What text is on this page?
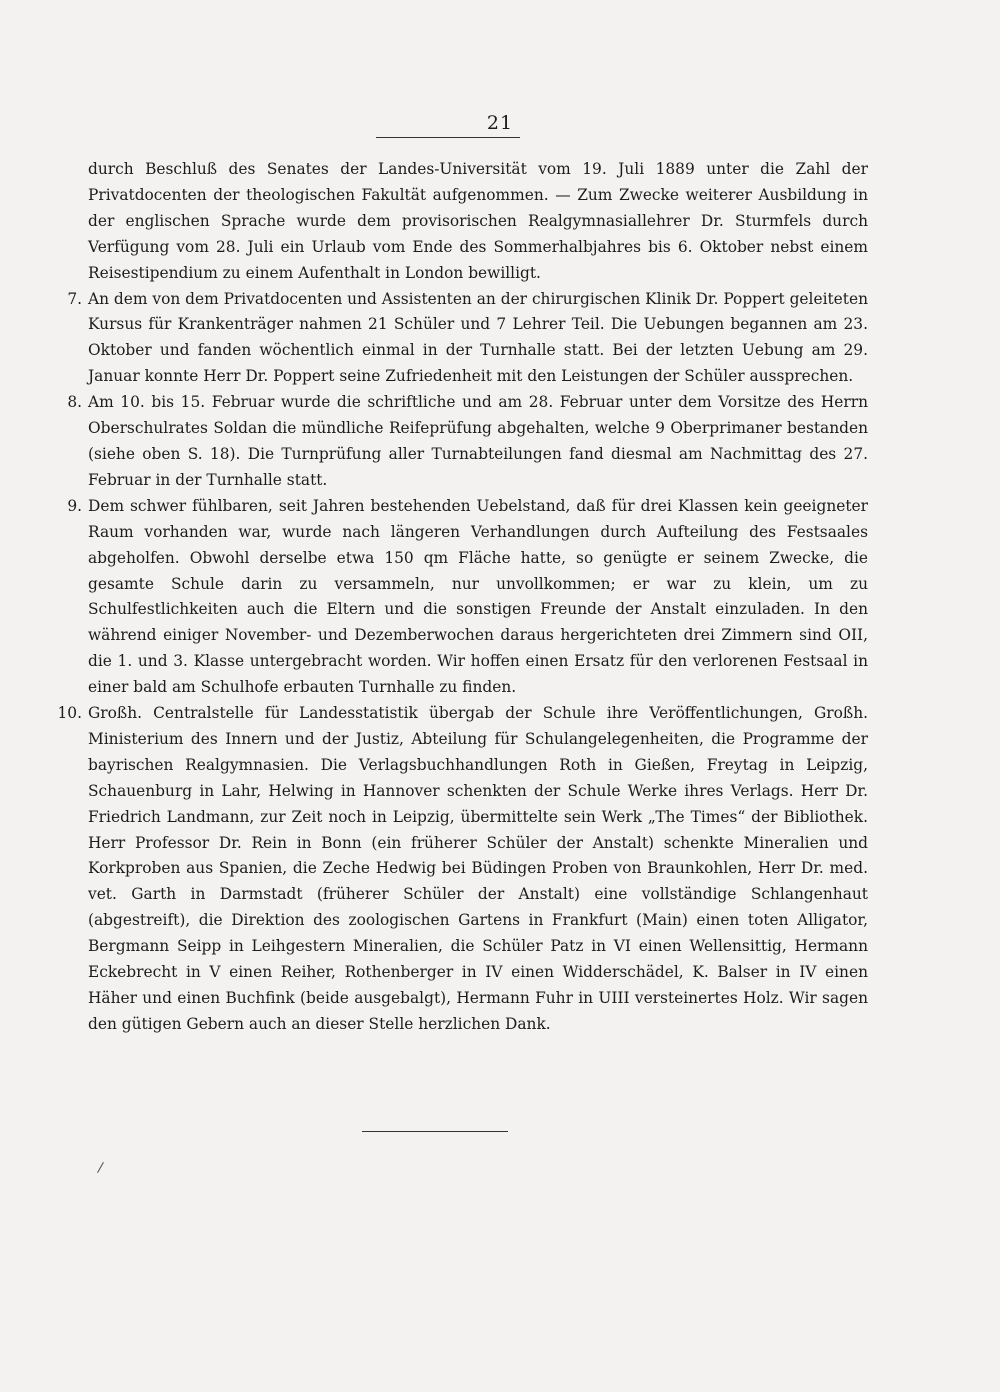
21

durch Beschluß des Senates der Landes-Universität vom 19. Juli 1889 unter die Zahl der Privatdocenten der theologischen Fakultät aufgenommen. — Zum Zwecke weiterer Ausbildung in der englischen Sprache wurde dem provisorischen Realgymnasiallehrer Dr. Sturmfels durch Verfügung vom 28. Juli ein Urlaub vom Ende des Sommerhalbjahres bis 6. Oktober nebst einem Reisestipendium zu einem Aufenthalt in London bewilligt.

7. An dem von dem Privatdocenten und Assistenten an der chirurgischen Klinik Dr. Poppert geleiteten Kursus für Krankenträger nahmen 21 Schüler und 7 Lehrer Teil. Die Uebungen begannen am 23. Oktober und fanden wöchentlich einmal in der Turnhalle statt. Bei der letzten Uebung am 29. Januar konnte Herr Dr. Poppert seine Zufriedenheit mit den Leistungen der Schüler aussprechen.

8. Am 10. bis 15. Februar wurde die schriftliche und am 28. Februar unter dem Vorsitze des Herrn Oberschulrates Soldan die mündliche Reifeprüfung abgehalten, welche 9 Oberprimaner bestanden (siehe oben S. 18). Die Turnprüfung aller Turnabteilungen fand diesmal am Nachmittag des 27. Februar in der Turnhalle statt.

9. Dem schwer fühlbaren, seit Jahren bestehenden Uebelstand, daß für drei Klassen kein geeigneter Raum vorhanden war, wurde nach längeren Verhandlungen durch Aufteilung des Festsaales abgeholfen. Obwohl derselbe etwa 150 qm Fläche hatte, so genügte er seinem Zwecke, die gesamte Schule darin zu versammeln, nur unvollkommen; er war zu klein, um zu Schulfestlichkeiten auch die Eltern und die sonstigen Freunde der Anstalt einzuladen. In den während einiger November- und Dezemberwochen daraus hergerichteten drei Zimmern sind OII, die 1. und 3. Klasse untergebracht worden. Wir hoffen einen Ersatz für den verlorenen Festsaal in einer bald am Schulhofe erbauten Turnhalle zu finden.

10. Großh. Centralstelle für Landesstatistik übergab der Schule ihre Veröffentlichungen, Großh. Ministerium des Innern und der Justiz, Abteilung für Schulangelegenheiten, die Programme der bayrischen Realgymnasien. Die Verlagsbuchhandlungen Roth in Gießen, Freytag in Leipzig, Schauenburg in Lahr, Helwing in Hannover schenkten der Schule Werke ihres Verlags. Herr Dr. Friedrich Landmann, zur Zeit noch in Leipzig, übermittelte sein Werk „The Times“ der Bibliothek. Herr Professor Dr. Rein in Bonn (ein früherer Schüler der Anstalt) schenkte Mineralien und Korkproben aus Spanien, die Zeche Hedwig bei Büdingen Proben von Braunkohlen, Herr Dr. med. vet. Garth in Darmstadt (früherer Schüler der Anstalt) eine vollständige Schlangenhaut (abgestreift), die Direktion des zoologischen Gartens in Frankfurt (Main) einen toten Alligator, Bergmann Seipp in Leihgestern Mineralien, die Schüler Patz in VI einen Wellensittig, Hermann Eckebrecht in V einen Reiher, Rothenberger in IV einen Widderschädel, K. Balser in IV einen Häher und einen Buchfink (beide ausgebalgt), Hermann Fuhr in UIII versteinertes Holz. Wir sagen den gütigen Gebern auch an dieser Stelle herzlichen Dank.

/
